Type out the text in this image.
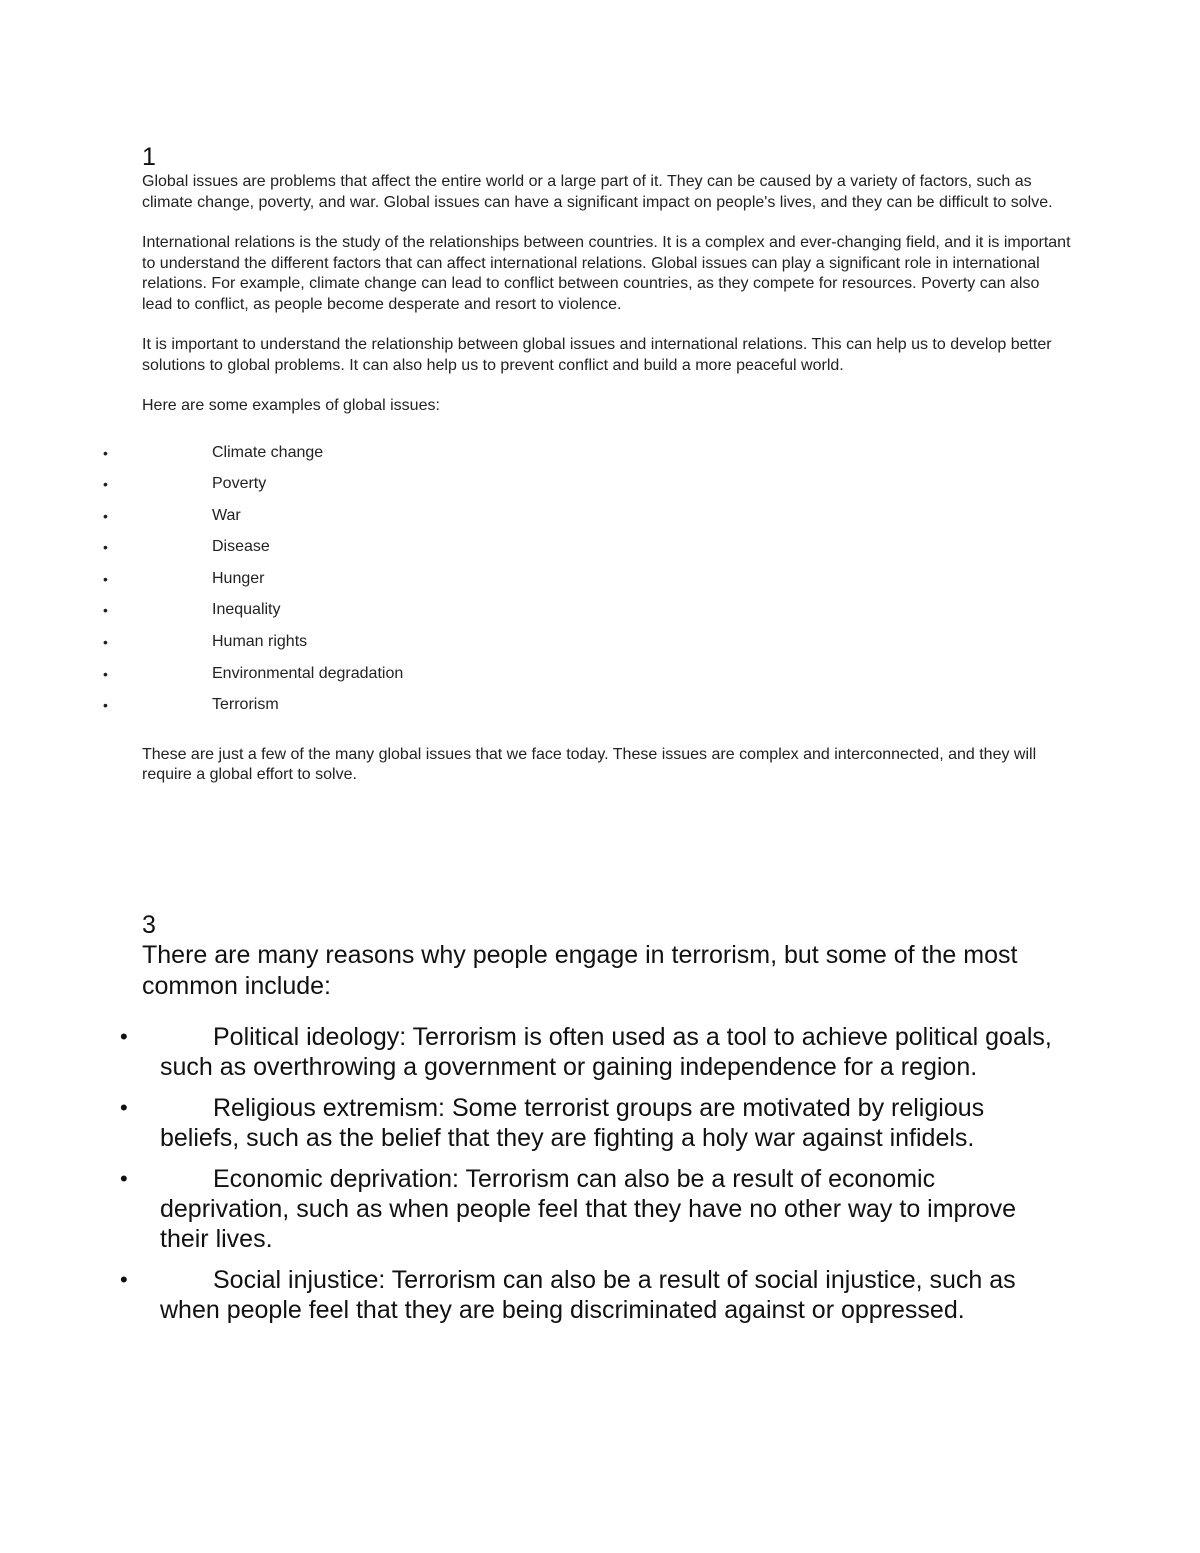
1

Global issues are problems that affect the entire world or a large part of it. They can be caused by a variety of factors, such as climate change, poverty, and war. Global issues can have a significant impact on people's lives, and they can be difficult to solve.

International relations is the study of the relationships between countries. It is a complex and ever-changing field, and it is important to understand the different factors that can affect international relations. Global issues can play a significant role in international relations. For example, climate change can lead to conflict between countries, as they compete for resources. Poverty can also lead to conflict, as people become desperate and resort to violence.

It is important to understand the relationship between global issues and international relations. This can help us to develop better solutions to global problems. It can also help us to prevent conflict and build a more peaceful world.

Here are some examples of global issues:

•	Climate change
•	Poverty
•	War
•	Disease
•	Hunger
•	Inequality
•	Human rights
•	Environmental degradation
•	Terrorism

These are just a few of the many global issues that we face today. These issues are complex and interconnected, and they will require a global effort to solve.

3

There are many reasons why people engage in terrorism, but some of the most common include:

•	Political ideology: Terrorism is often used as a tool to achieve political goals, such as overthrowing a government or gaining independence for a region.
•	Religious extremism: Some terrorist groups are motivated by religious beliefs, such as the belief that they are fighting a holy war against infidels.
•	Economic deprivation: Terrorism can also be a result of economic deprivation, such as when people feel that they have no other way to improve their lives.
•	Social injustice: Terrorism can also be a result of social injustice, such as when people feel that they are being discriminated against or oppressed.
